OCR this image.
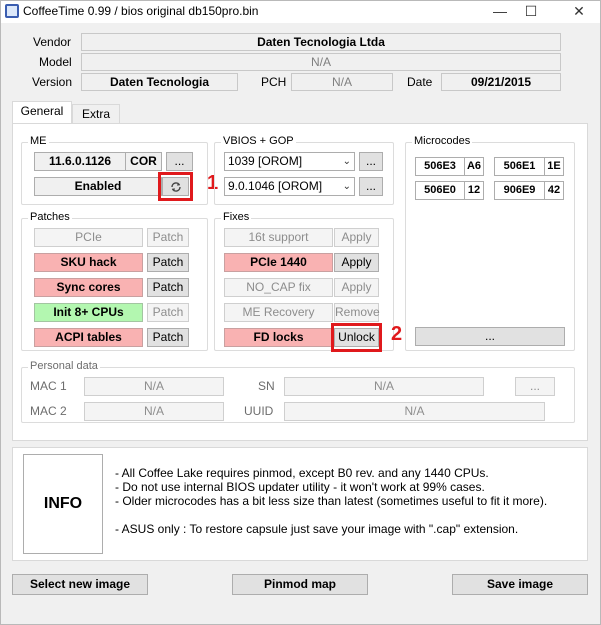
CoffeeTime 0.99 / bios original db150pro.bin	—	☐	✕
Vendor	Daten Tecnologia Ltda
Model	N/A
Version	Daten Tecnologia	PCH	N/A	Date	09/21/2015
General	Extra
ME
11.6.0.1126	COR	...
Enabled	1
VBIOS + GOP
1039 [OROM]	⌄	...
9.0.1046 [OROM] ⌄	...
Microcodes
506E3	A6	506E1	1E
506E0	12	906E9	42
...
Patches
PCIe	Patch
SKU hack	Patch
Sync cores	Patch
Init 8+ CPUs	Patch
ACPI tables	Patch
Fixes
16t support	Apply
PCIe 1440	Apply
NO_CAP fix	Apply
ME Recovery	Remove
FD locks	Unlock 2
Personal data
MAC 1	N/A
MAC 2	N/A
SN	N/A
UUID	N/A
...
INFO
- All Coffee Lake requires pinmod, except B0 rev. and any 1440 CPUs.
- Do not use internal BIOS updater utility - it won't work at 99% cases.
- Older microcodes has a bit less size than latest (sometimes useful to fit it more).
- ASUS only : To restore capsule just save your image with ".cap" extension.
Select new image	Pinmod map	Save image
